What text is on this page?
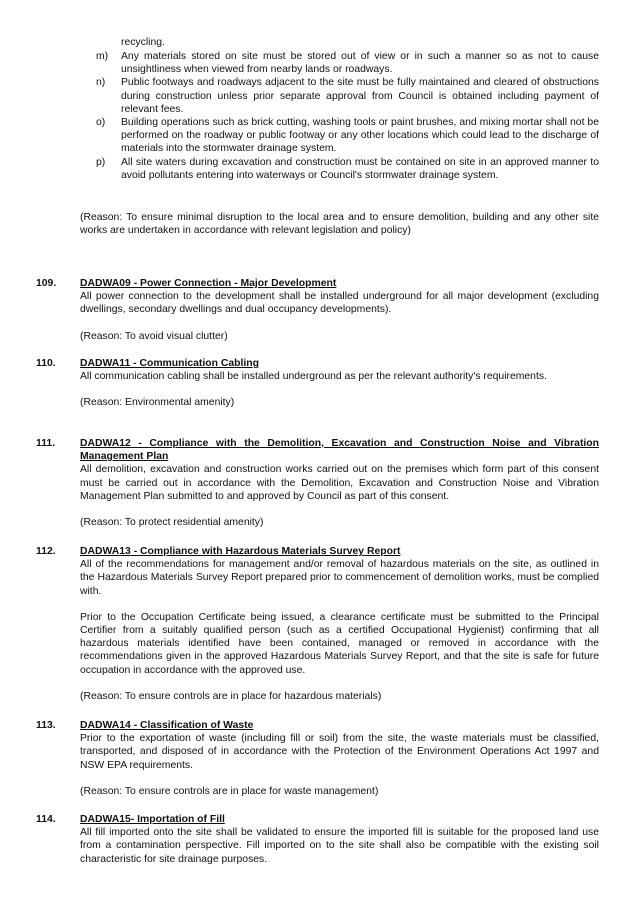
recycling.

m)	Any materials stored on site must be stored out of view or in such a manner so as not to cause unsightliness when viewed from nearby lands or roadways.

n)	Public footways and roadways adjacent to the site must be fully maintained and cleared of obstructions during construction unless prior separate approval from Council is obtained including payment of relevant fees.

o)	Building operations such as brick cutting, washing tools or paint brushes, and mixing mortar shall not be performed on the roadway or public footway or any other locations which could lead to the discharge of materials into the stormwater drainage system.

p)	All site waters during excavation and construction must be contained on site in an approved manner to avoid pollutants entering into waterways or Council's stormwater drainage system.

(Reason: To ensure minimal disruption to the local area and to ensure demolition, building and any other site works are undertaken in accordance with relevant legislation and policy)

109.	DADWA09 - Power Connection - Major Development

All power connection to the development shall be installed underground for all major development (excluding dwellings, secondary dwellings and dual occupancy developments).

(Reason: To avoid visual clutter)

110.	DADWA11 - Communication Cabling

All communication cabling shall be installed underground as per the relevant authority's requirements.

(Reason: Environmental amenity)

111.	DADWA12 - Compliance with the Demolition, Excavation and Construction Noise and Vibration Management Plan

All demolition, excavation and construction works carried out on the premises which form part of this consent must be carried out in accordance with the Demolition, Excavation and Construction Noise and Vibration Management Plan submitted to and approved by Council as part of this consent.

(Reason: To protect residential amenity)

112.	DADWA13 - Compliance with Hazardous Materials Survey Report

All of the recommendations for management and/or removal of hazardous materials on the site, as outlined in the Hazardous Materials Survey Report prepared prior to commencement of demolition works, must be complied with.

Prior to the Occupation Certificate being issued, a clearance certificate must be submitted to the Principal Certifier from a suitably qualified person (such as a certified Occupational Hygienist) confirming that all hazardous materials identified have been contained, managed or removed in accordance with the recommendations given in the approved Hazardous Materials Survey Report, and that the site is safe for future occupation in accordance with the approved use.

(Reason: To ensure controls are in place for hazardous materials)

113.	DADWA14 - Classification of Waste

Prior to the exportation of waste (including fill or soil) from the site, the waste materials must be classified, transported, and disposed of in accordance with the Protection of the Environment Operations Act 1997 and NSW EPA requirements.

(Reason: To ensure controls are in place for waste management)

114.	DADWA15- Importation of Fill

All fill imported onto the site shall be validated to ensure the imported fill is suitable for the proposed land use from a contamination perspective. Fill imported on to the site shall also be compatible with the existing soil characteristic for site drainage purposes.
